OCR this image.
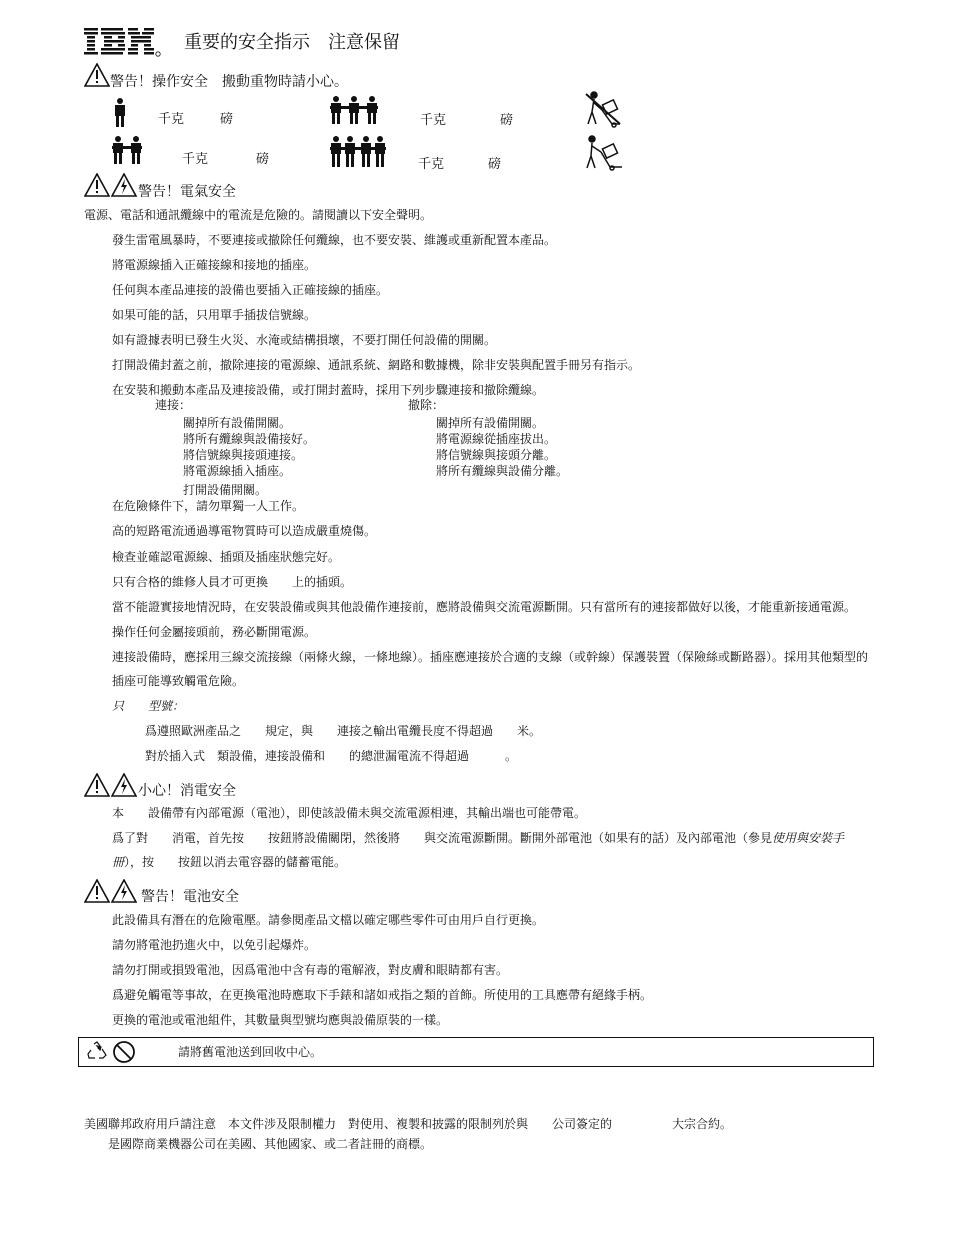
重要的安全指示　注意保留
警告！操作安全　搬動重物時請小心。
千克	磅	千克	磅
千克	磅	千克	磅
警告！電氣安全
電源、電話和通訊纜線中的電流是危險的。請閱讀以下安全聲明。
發生雷電風暴時，不要連接或撤除任何纜線，也不要安裝、維護或重新配置本產品。
將電源線插入正確接線和接地的插座。
任何與本產品連接的設備也要插入正確接線的插座。
如果可能的話，只用單手插拔信號線。
如有證據表明已發生火災、水淹或結構損壞，不要打開任何設備的開關。
打開設備封蓋之前，撤除連接的電源線、通訊系統、網路和數據機，除非安裝與配置手冊另有指示。
在安裝和搬動本產品及連接設備，或打開封蓋時，採用下列步驟連接和撤除纜線。
連接：
關掉所有設備開關。
將所有纜線與設備接好。
將信號線與接頭連接。
將電源線插入插座。
打開設備開關。
撤除：
關掉所有設備開關。
將電源線從插座拔出。
將信號線與接頭分離。
將所有纜線與設備分離。
在危險條件下，請勿單獨一人工作。
高的短路電流通過導電物質時可以造成嚴重燒傷。
檢查並確認電源線、插頭及插座狀態完好。
只有合格的維修人員才可更換　　上的插頭。
當不能證實接地情況時，在安裝設備或與其他設備作連接前，應將設備與交流電源斷開。只有當所有的連接都做好以後，才能重新接通電源。
操作任何金屬接頭前，務必斷開電源。
連接設備時，應採用三線交流接線（兩條火線，一條地線）。插座應連接於合適的支線（或幹線）保護裝置（保險絲或斷路器）。採用其他類型的
插座可能導致觸電危險。
只　　型號：
爲遵照歐洲產品之　　規定，與　　連接之輸出電纜長度不得超過　　米。
對於插入式　類設備，連接設備和　　的總泄漏電流不得超過　　　。
小心！消電安全
本　　設備帶有內部電源（電池），即使該設備未與交流電源相連，其輸出端也可能帶電。
爲了對　　消電，首先按　　按鈕將設備關閉，然後將　　與交流電源斷開。斷開外部電池（如果有的話）及內部電池（參見使用與安裝手
冊），按　　按鈕以消去電容器的儲蓄電能。
警告！電池安全
此設備具有潛在的危險電壓。請參閱產品文檔以確定哪些零件可由用戶自行更換。
請勿將電池扔進火中，以免引起爆炸。
請勿打開或損毀電池，因爲電池中含有毒的電解液，對皮膚和眼睛都有害。
爲避免觸電等事故，在更換電池時應取下手錶和諸如戒指之類的首飾。所使用的工具應帶有絕緣手柄。
更換的電池或電池組件，其數量與型號均應與設備原裝的一樣。
請將舊電池送到回收中心。
美國聯邦政府用戶請注意　本文件涉及限制權力　對使用、複製和披露的限制列於與　　公司簽定的　　　　　大宗合約。
　　是國際商業機器公司在美國、其他國家、或二者註冊的商標。
